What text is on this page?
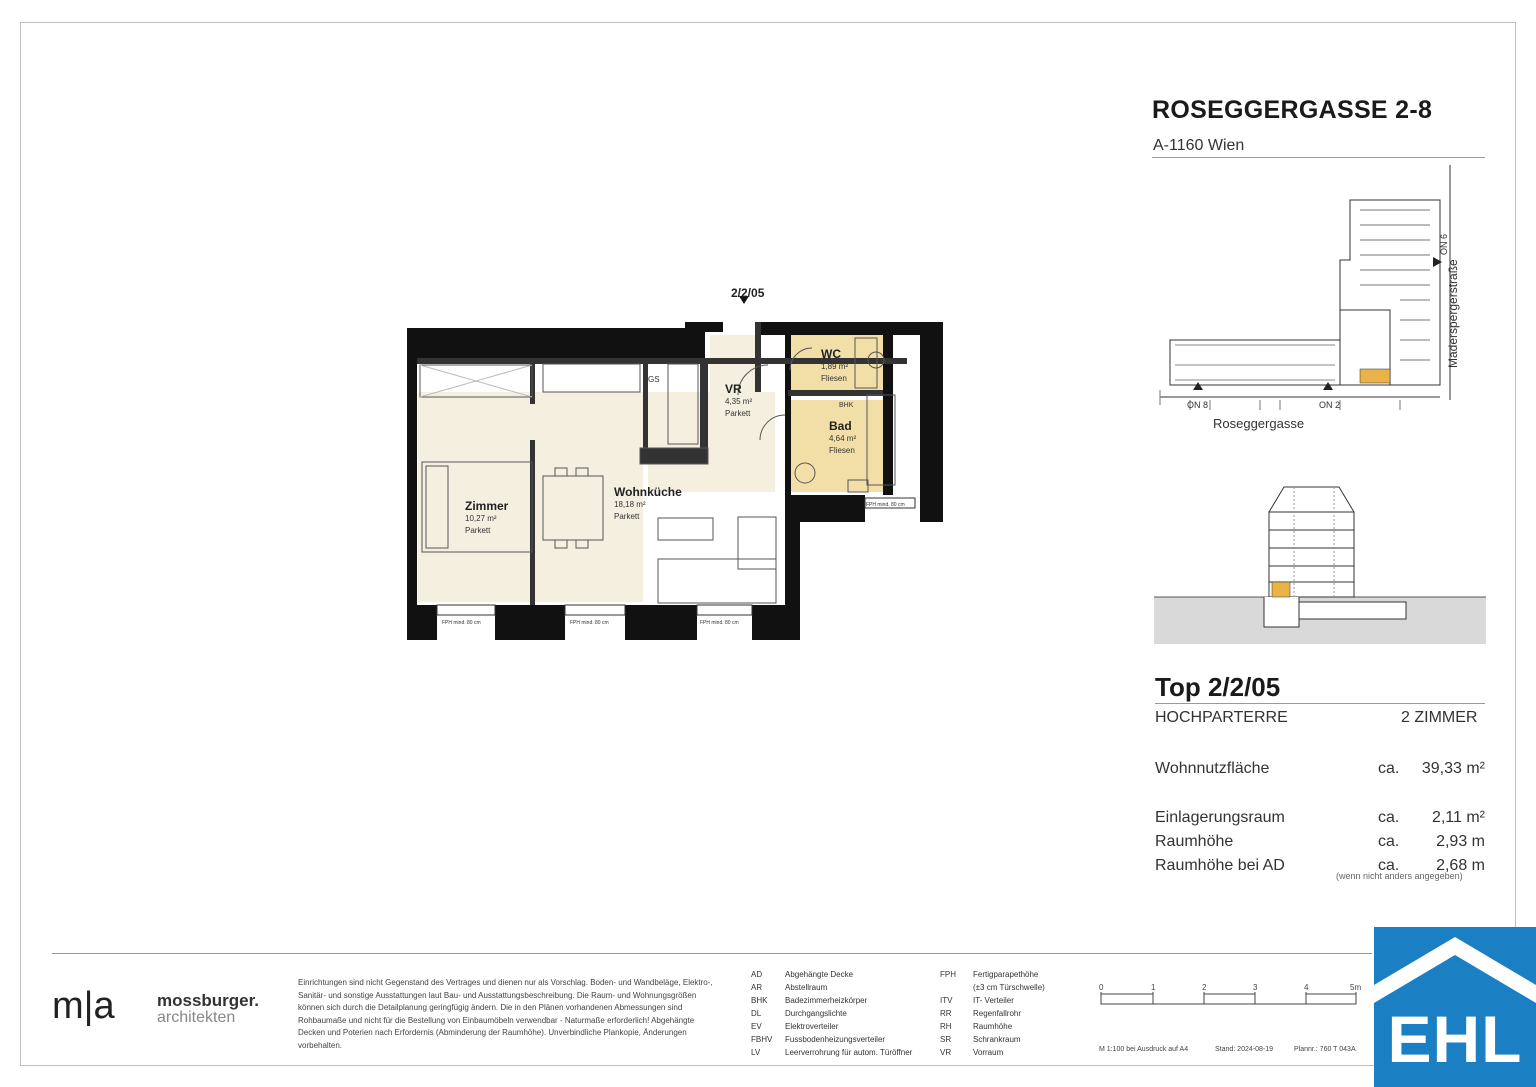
ROSEGGERGASSE 2-8
A-1160 Wien
ON 8	ON 2
ON 6
Roseggergasse
Maderspergerstraße
Top 2/2/05
HOCHPARTERRE	2 ZIMMER
Wohnnutzfläche	ca.	39,33 m²
Einlagerungsraum	ca.	2,11 m²
Raumhöhe	ca.	2,93 m
Raumhöhe bei AD	ca.	2,68 m
(wenn nicht anders angegeben)
GS
BHK
FPH mind. 80 cm	FPH mind. 80 cm	FPH mind. 80 cm
FPH mind. 80 cm
2/2/05
Zimmer
10,27 m²
Parkett
Wohnküche
18,18 m²
Parkett
VR
4,35 m²
Parkett
WC
1,89 m²
Fliesen
Bad
4,64 m²
Fliesen
m|a mossburger.
architekten
Einrichtungen sind nicht Gegenstand des Vertrages und dienen nur als Vorschlag. Boden- und Wandbeläge, Elektro-, Sanitär- und sonstige Ausstattungen laut Bau- und Ausstattungsbeschreibung. Die Raum- und Wohnungsgrößen können sich durch die Detailplanung geringfügig ändern. Die in den Plänen vorhandenen Abmessungen sind Rohbaumaße und nicht für die Bestellung von Einbaumöbeln verwendbar - Naturmaße erforderlich! Abgehängte Decken und Poterien nach Erfordernis (Abminderung der Raumhöhe). Unverbindliche Plankopie, Änderungen vorbehalten.
AD	Abgehängte Decke
AR	Abstellraum
BHK Badezimmerheizkörper
DL	Durchgangslichte
EV	Elektroverteiler
FBHV Fussbodenheizungsverteiler
LV	Leerverrohrung für autom. Türöffner
FPH Fertigparapethöhe
(±3 cm Türschwelle)
ITV	IT- Verteiler
RR	Regenfallrohr
RH	Raumhöhe
SR	Schrankraum
VR	Vorraum
0	1	2	3	4	5m
M 1:100 bei Ausdruck auf A4	Stand: 2024-08-19	Plannr.: 760 T 043A EHL
